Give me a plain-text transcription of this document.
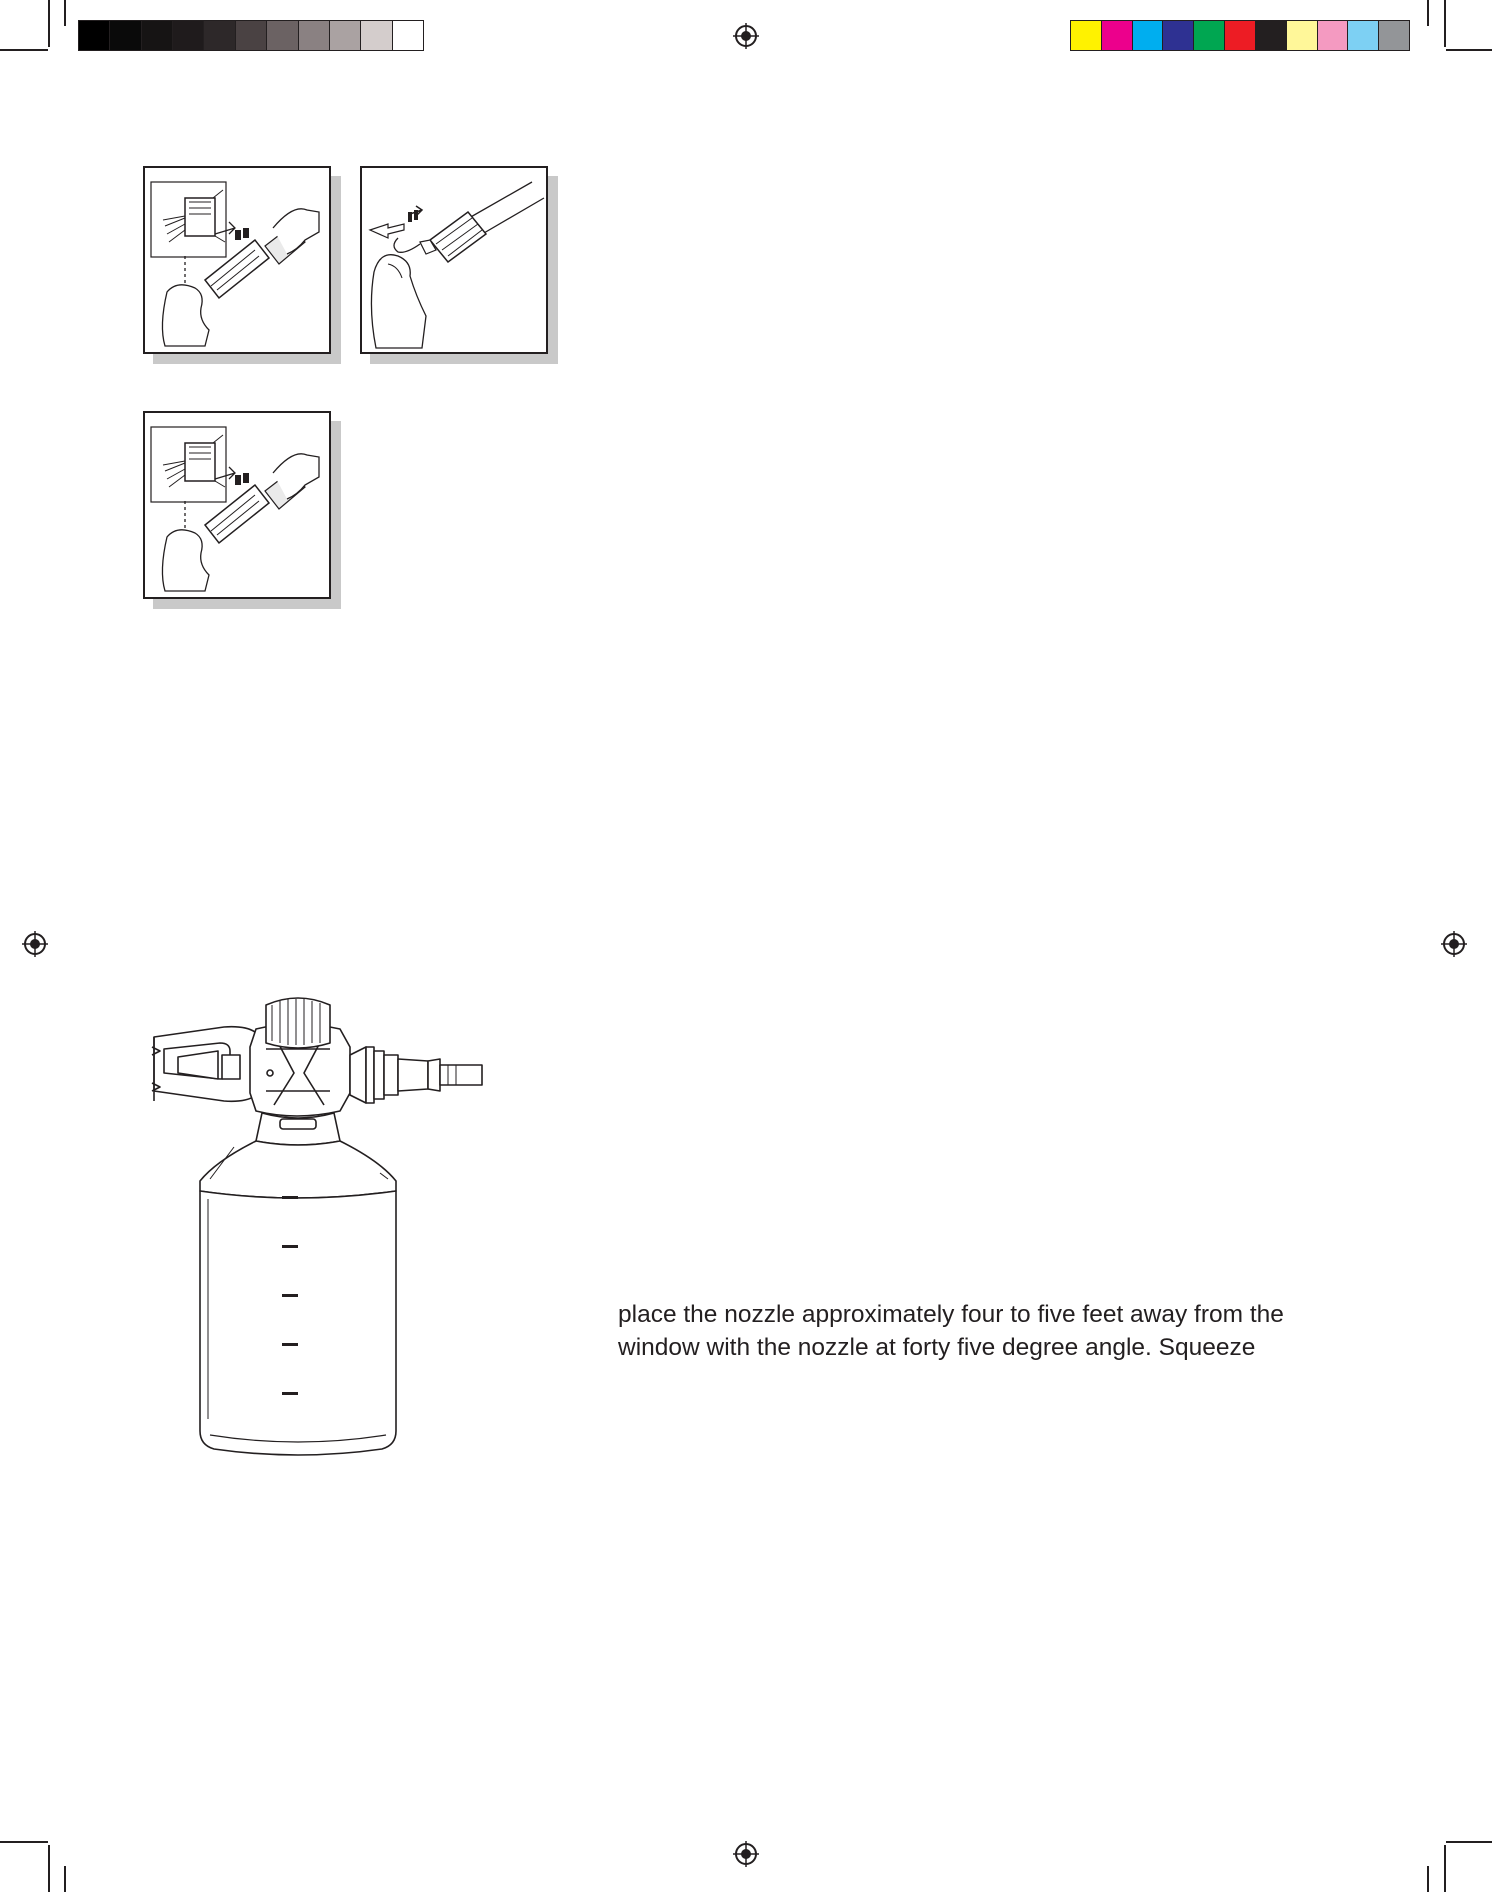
place the nozzle approximately four to five feet away from the
window with the nozzle at forty five degree angle. Squeeze
